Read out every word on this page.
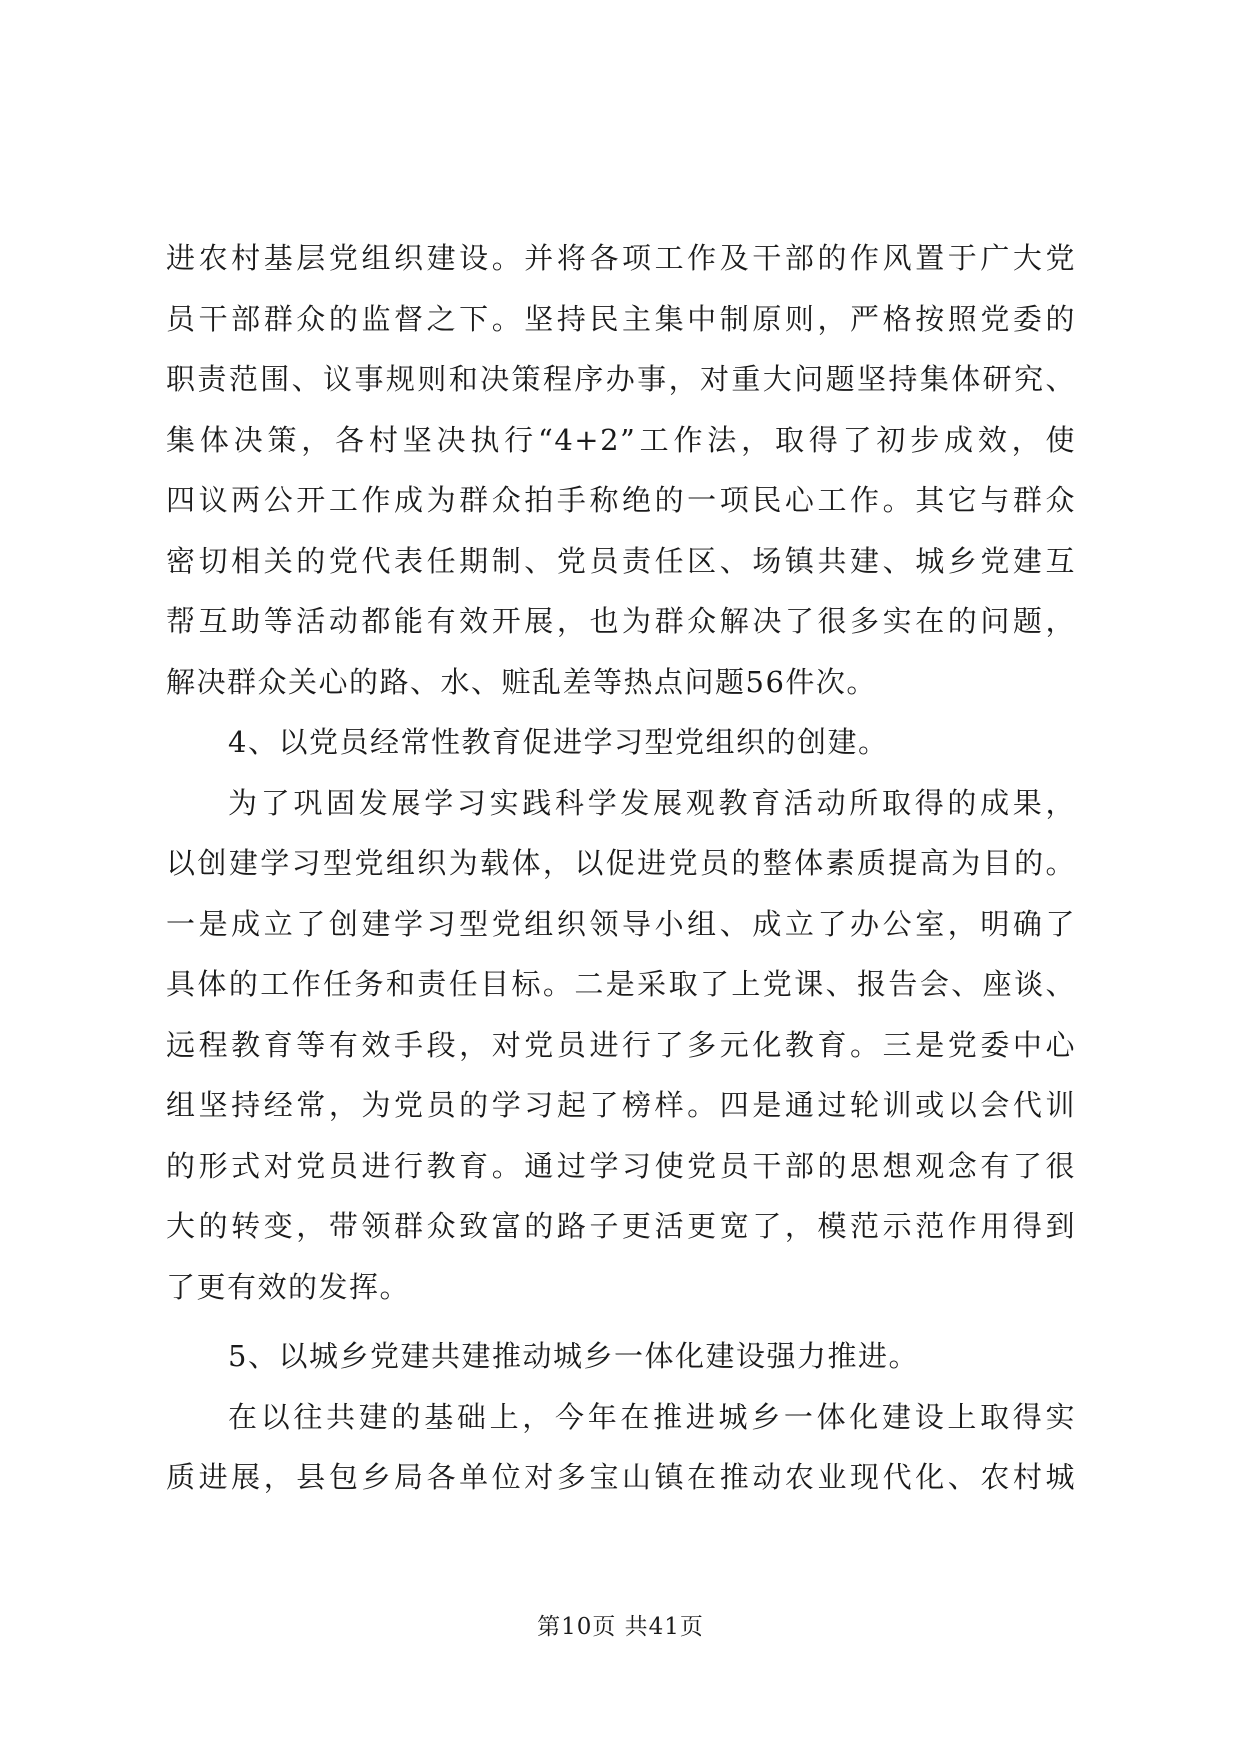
进农村基层党组织建设。并将各项工作及干部的作风置于广大党
员干部群众的监督之下。坚持民主集中制原则，严格按照党委的
职责范围、议事规则和决策程序办事，对重大问题坚持集体研究、
集体决策，各村坚决执行“4+2”工作法，取得了初步成效，使
四议两公开工作成为群众拍手称绝的一项民心工作。其它与群众
密切相关的党代表任期制、党员责任区、场镇共建、城乡党建互
帮互助等活动都能有效开展，也为群众解决了很多实在的问题，
解决群众关心的路、水、赃乱差等热点问题56件次。
4、以党员经常性教育促进学习型党组织的创建。
为了巩固发展学习实践科学发展观教育活动所取得的成果，
以创建学习型党组织为载体，以促进党员的整体素质提高为目的。
一是成立了创建学习型党组织领导小组、成立了办公室，明确了
具体的工作任务和责任目标。二是采取了上党课、报告会、座谈、
远程教育等有效手段，对党员进行了多元化教育。三是党委中心
组坚持经常，为党员的学习起了榜样。四是通过轮训或以会代训
的形式对党员进行教育。通过学习使党员干部的思想观念有了很
大的转变，带领群众致富的路子更活更宽了，模范示范作用得到
了更有效的发挥。
5、以城乡党建共建推动城乡一体化建设强力推进。
在以往共建的基础上，今年在推进城乡一体化建设上取得实
质进展，县包乡局各单位对多宝山镇在推动农业现代化、农村城
第10页 共41页
